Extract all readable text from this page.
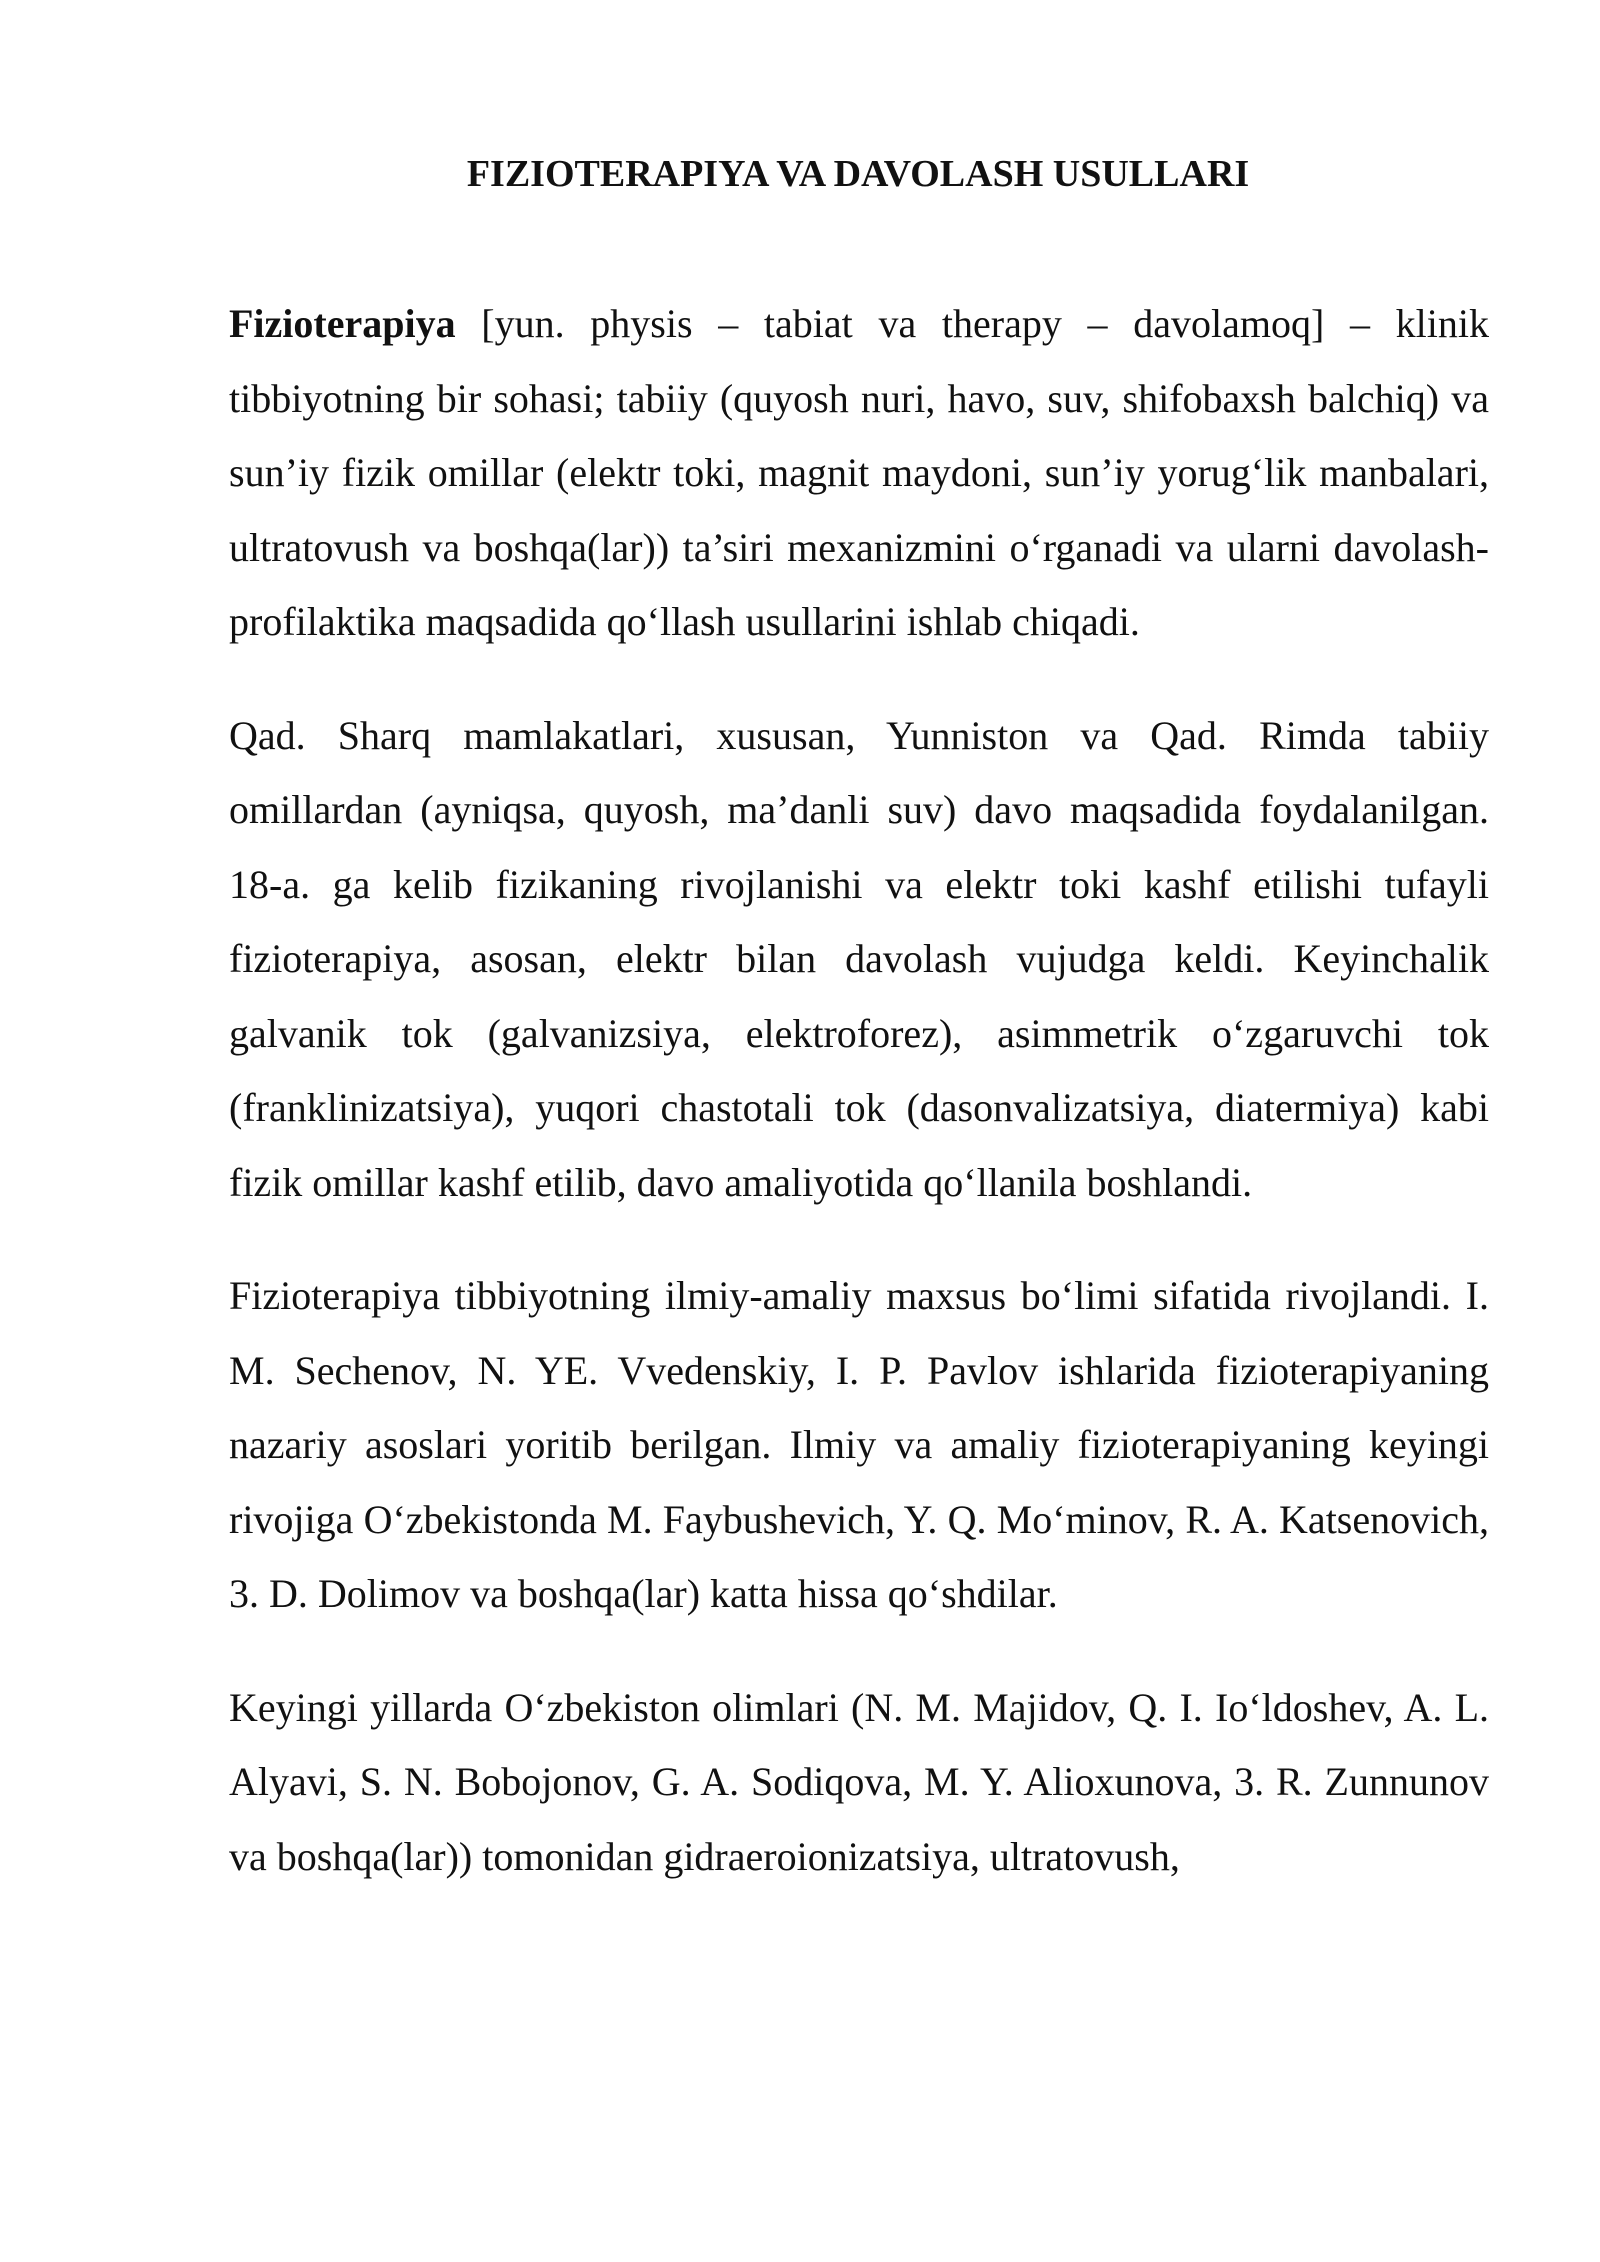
FIZIOTERAPIYA VA DAVOLASH USULLARI

Fizioterapiya [yun. physis – tabiat va therapy – davolamoq] – klinik tibbiyotning bir sohasi; tabiiy (quyosh nuri, havo, suv, shifobaxsh balchiq) va sun’iy fizik omillar (elektr toki, magnit maydoni, sun’iy yorug‘lik manbalari, ultratovush va boshqa(lar)) ta’siri mexanizmini o‘rganadi va ularni davolash-profilaktika maqsadida qo‘llash usullarini ishlab chiqadi.

Qad. Sharq mamlakatlari, xususan, Yunniston va Qad. Rimda tabiiy omillardan (ayniqsa, quyosh, ma’danli suv) davo maqsadida foydalanilgan. 18-a. ga kelib fizikaning rivojlanishi va elektr toki kashf etilishi tufayli fizioterapiya, asosan, elektr bilan davolash vujudga keldi. Keyinchalik galvanik tok (galvanizsiya, elektroforez), asimmetrik o‘zgaruvchi tok (franklinizatsiya), yuqori chastotali tok (dasonvalizatsiya, diatermiya) kabi fizik omillar kashf etilib, davo amaliyotida qo‘llanila boshlandi.

Fizioterapiya tibbiyotning ilmiy-amaliy maxsus bo‘limi sifatida rivojlandi. I. M. Sechenov, N. YE. Vvedenskiy, I. P. Pavlov ishlarida fizioterapiyaning nazariy asoslari yoritib berilgan. Ilmiy va amaliy fizioterapiyaning keyingi rivojiga O‘zbekistonda M. Faybushevich, Y. Q. Mo‘minov, R. A. Katsenovich, 3. D. Dolimov va boshqa(lar) katta hissa qo‘shdilar.

Keyingi yillarda O‘zbekiston olimlari (N. M. Majidov, Q. I. Io‘ldoshev, A. L. Alyavi, S. N. Bobojonov, G. A. Sodiqova, M. Y. Alioxunova, 3. R. Zunnunov va boshqa(lar)) tomonidan gidraeroionizatsiya, ultratovush,
